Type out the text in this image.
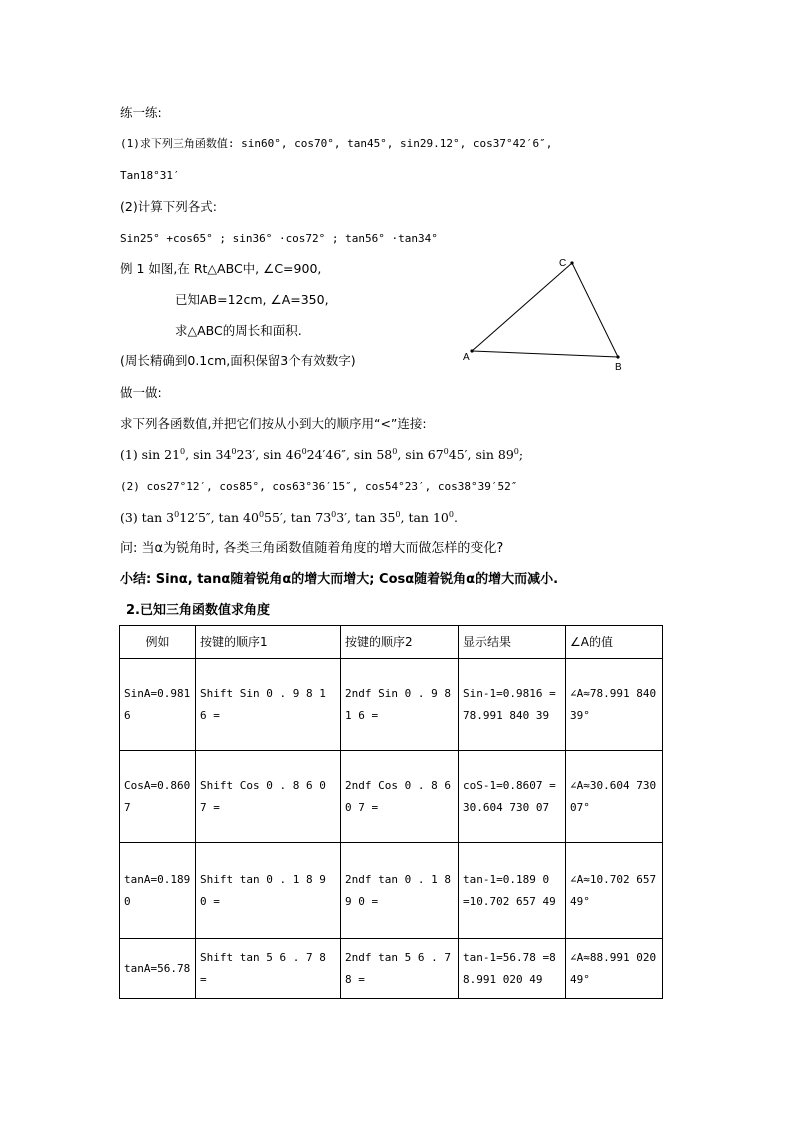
练一练:
(1)求下列三角函数值: sin60°, cos70°, tan45°, sin29.12°, cos37°42′6″,
Tan18°31′
(2)计算下列各式:
Sin25° +cos65° ; sin36° ·cos72° ; tan56° ·tan34°
例 1 如图,在 Rt△ABC中, ∠C=900,
已知AB=12cm, ∠A=350,
求△ABC的周长和面积.
(周长精确到0.1cm,面积保留3个有效数字)	A
C
B
做一做:
求下列各函数值,并把它们按从小到大的顺序用“<”连接:
(1) $\sin 21^0$, $\sin 34^023'$, $\sin 46^024'46''$, $\sin 58^0$, $\sin 67^045'$, $\sin 89^0$;
(2) cos27°12′, cos85°, cos63°36′15″, cos54°23′, cos38°39′52″
(3) $\tan 3^012'5''$, $\tan 40^055'$, $\tan 73^03'$, $\tan 35^0$, $\tan 10^0$.
问: 当α为锐角时, 各类三角函数值随着角度的增大而做怎样的变化?
小结: Sinα, tanα随着锐角α的增大而增大; Cosα随着锐角α的增大而减小.
2.已知三角函数值求角度
例如	按键的顺序1	按键的顺序2	显示结果	∠A的值
SinA=0.9816	Shift Sin 0 . 9 8 1 6 =	2ndf Sin 0 . 9 8 1 6 =	Sin-1=0.9816 =78.991 840 39	∠A≈78.991 840 39°
CosA=0.8607	Shift Cos 0 . 8 6 0 7 =	2ndf Cos 0 . 8 6 0 7 =	coS-1=0.8607 =30.604 730 07	∠A≈30.604 730 07°
tanA=0.1890	Shift tan 0 . 1 8 9 0 =	2ndf tan 0 . 1 8 9 0 =	tan-1=0.189 0 =10.702 657 49	∠A≈10.702 657 49°
tanA=56.78	Shift tan 5 6 . 7 8 =	2ndf tan 5 6 . 7 8 =	tan-1=56.78 =88.991 020 49	∠A≈88.991 020 49°
